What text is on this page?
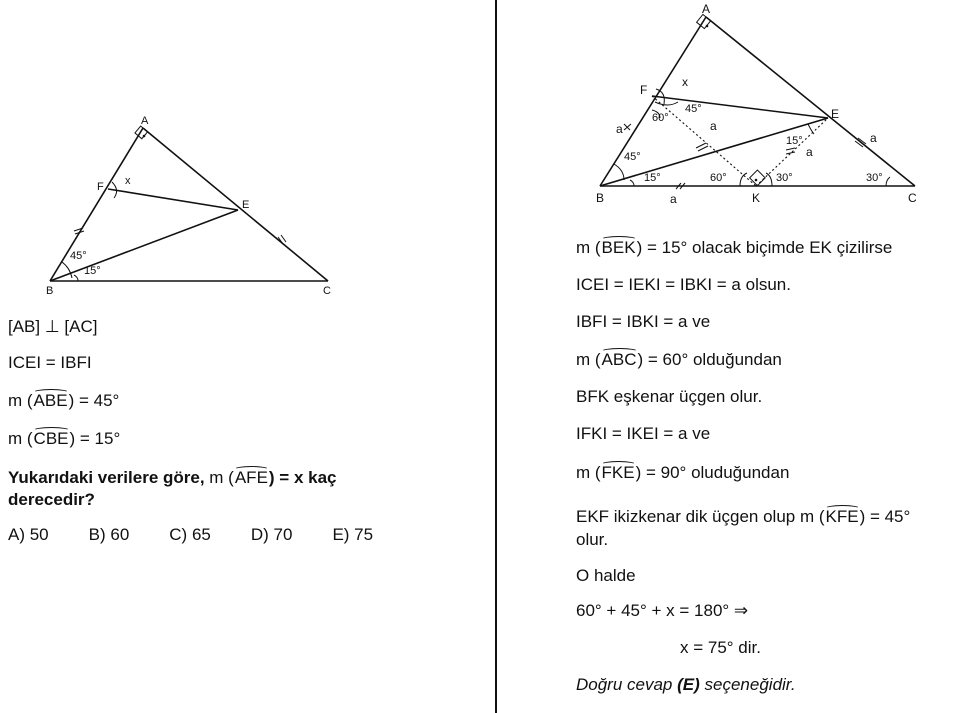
A
B	C
E
F x
45°
15°
[AB] ⊥ [AC]
ICEI = IBFI
m (ABE) = 45°
m (CBE) = 15°
Yukarıdaki verilere göre, m (AFE) = x kaç
derecedir?
A) 50 B) 60 C) 65 D) 70 E) 75
A
B	C
K
E
F
x
a	a
a
a
a
45°
60°
45°
15°	60°	30°
15°
30°
m (BEK) = 15° olacak biçimde EK çizilirse
ICEI = IEKI = IBKI = a olsun.
IBFI = IBKI = a ve
m (ABC) = 60° olduğundan
BFK eşkenar üçgen olur.
IFKI = IKEI = a ve
m (FKE) = 90° oluduğundan
EKF ikizkenar dik üçgen olup m (KFE) = 45°
olur.
O halde
60° + 45° + x = 180° ⇒
x = 75° dir.
Doğru cevap (E) seçeneğidir.
